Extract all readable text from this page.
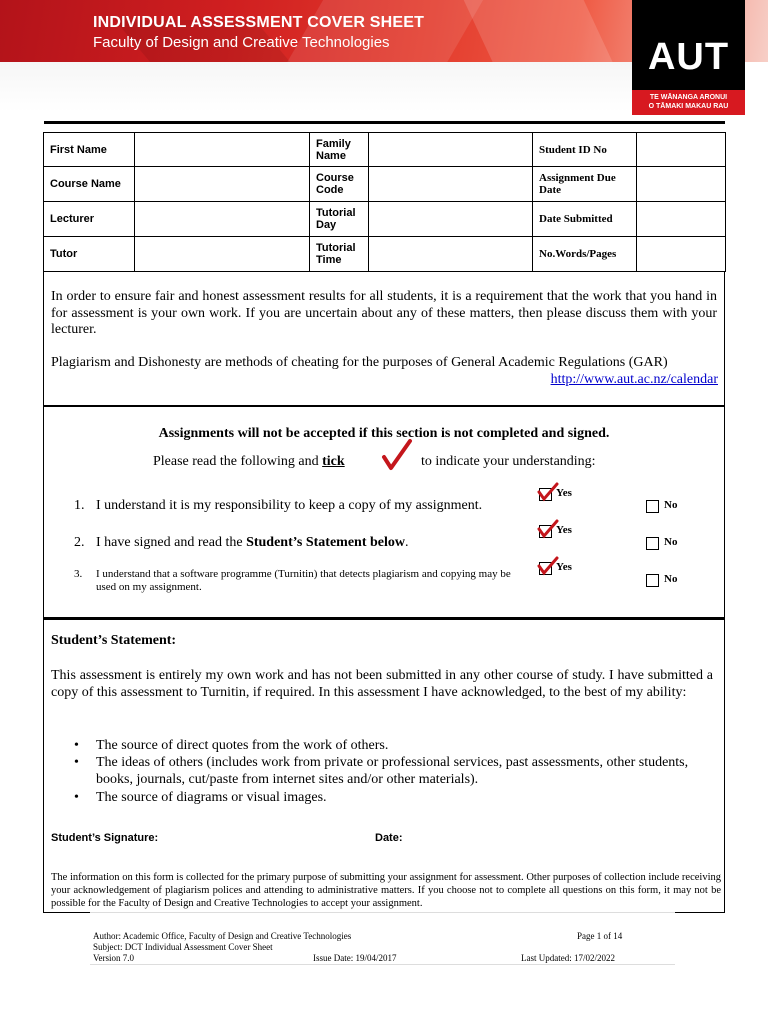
INDIVIDUAL ASSESSMENT COVER SHEET
Faculty of Design and Creative Technologies	AUT
TE WĀNANGA ARONUI
O TĀMAKI MAKAU RAU
First Name		Family Name		Student ID No	
Course Name		Course Code		Assignment Due Date	
Lecturer		Tutorial Day		Date Submitted	
Tutor		Tutorial Time		No.Words/Pages	
In order to ensure fair and honest assessment results for all students, it is a requirement that the work that you hand in for assessment is your own work. If you are uncertain about any of these matters, then please discuss them with your lecturer.
Plagiarism and Dishonesty are methods of cheating for the purposes of General Academic Regulations (GAR)
http://www.aut.ac.nz/calendar
Assignments will not be accepted if this section is not completed and signed.
Please read the following and tick	to indicate your understanding:
1. I understand it is my responsibility to keep a copy of my assignment.
Yes
No
2. I have signed and read the Student’s Statement below.
Yes
No
3. I understand that a software programme (Turnitin) that detects plagiarism and copying may be used on my assignment.
Yes
No
Student’s Statement:
This assessment is entirely my own work and has not been submitted in any other course of study. I have submitted a copy of this assessment to Turnitin, if required. In this assessment I have acknowledged, to the best of my ability:
• The source of direct quotes from the work of others.
• The ideas of others (includes work from private or professional services, past assessments, other students, books, journals, cut/paste from internet sites and/or other materials).
• The source of diagrams or visual images.
Student’s Signature:	Date:
The information on this form is collected for the primary purpose of submitting your assignment for assessment. Other purposes of collection include receiving your acknowledgement of plagiarism polices and attending to administrative matters. If you choose not to complete all questions on this form, it may not be possible for the Faculty of Design and Creative Technologies to accept your assignment.
Author: Academic Office, Faculty of Design and Creative Technologies
Subject: DCT Individual Assessment Cover Sheet
Version 7.0
Page 1 of 14
Issue Date: 19/04/2017	Last Updated: 17/02/2022
